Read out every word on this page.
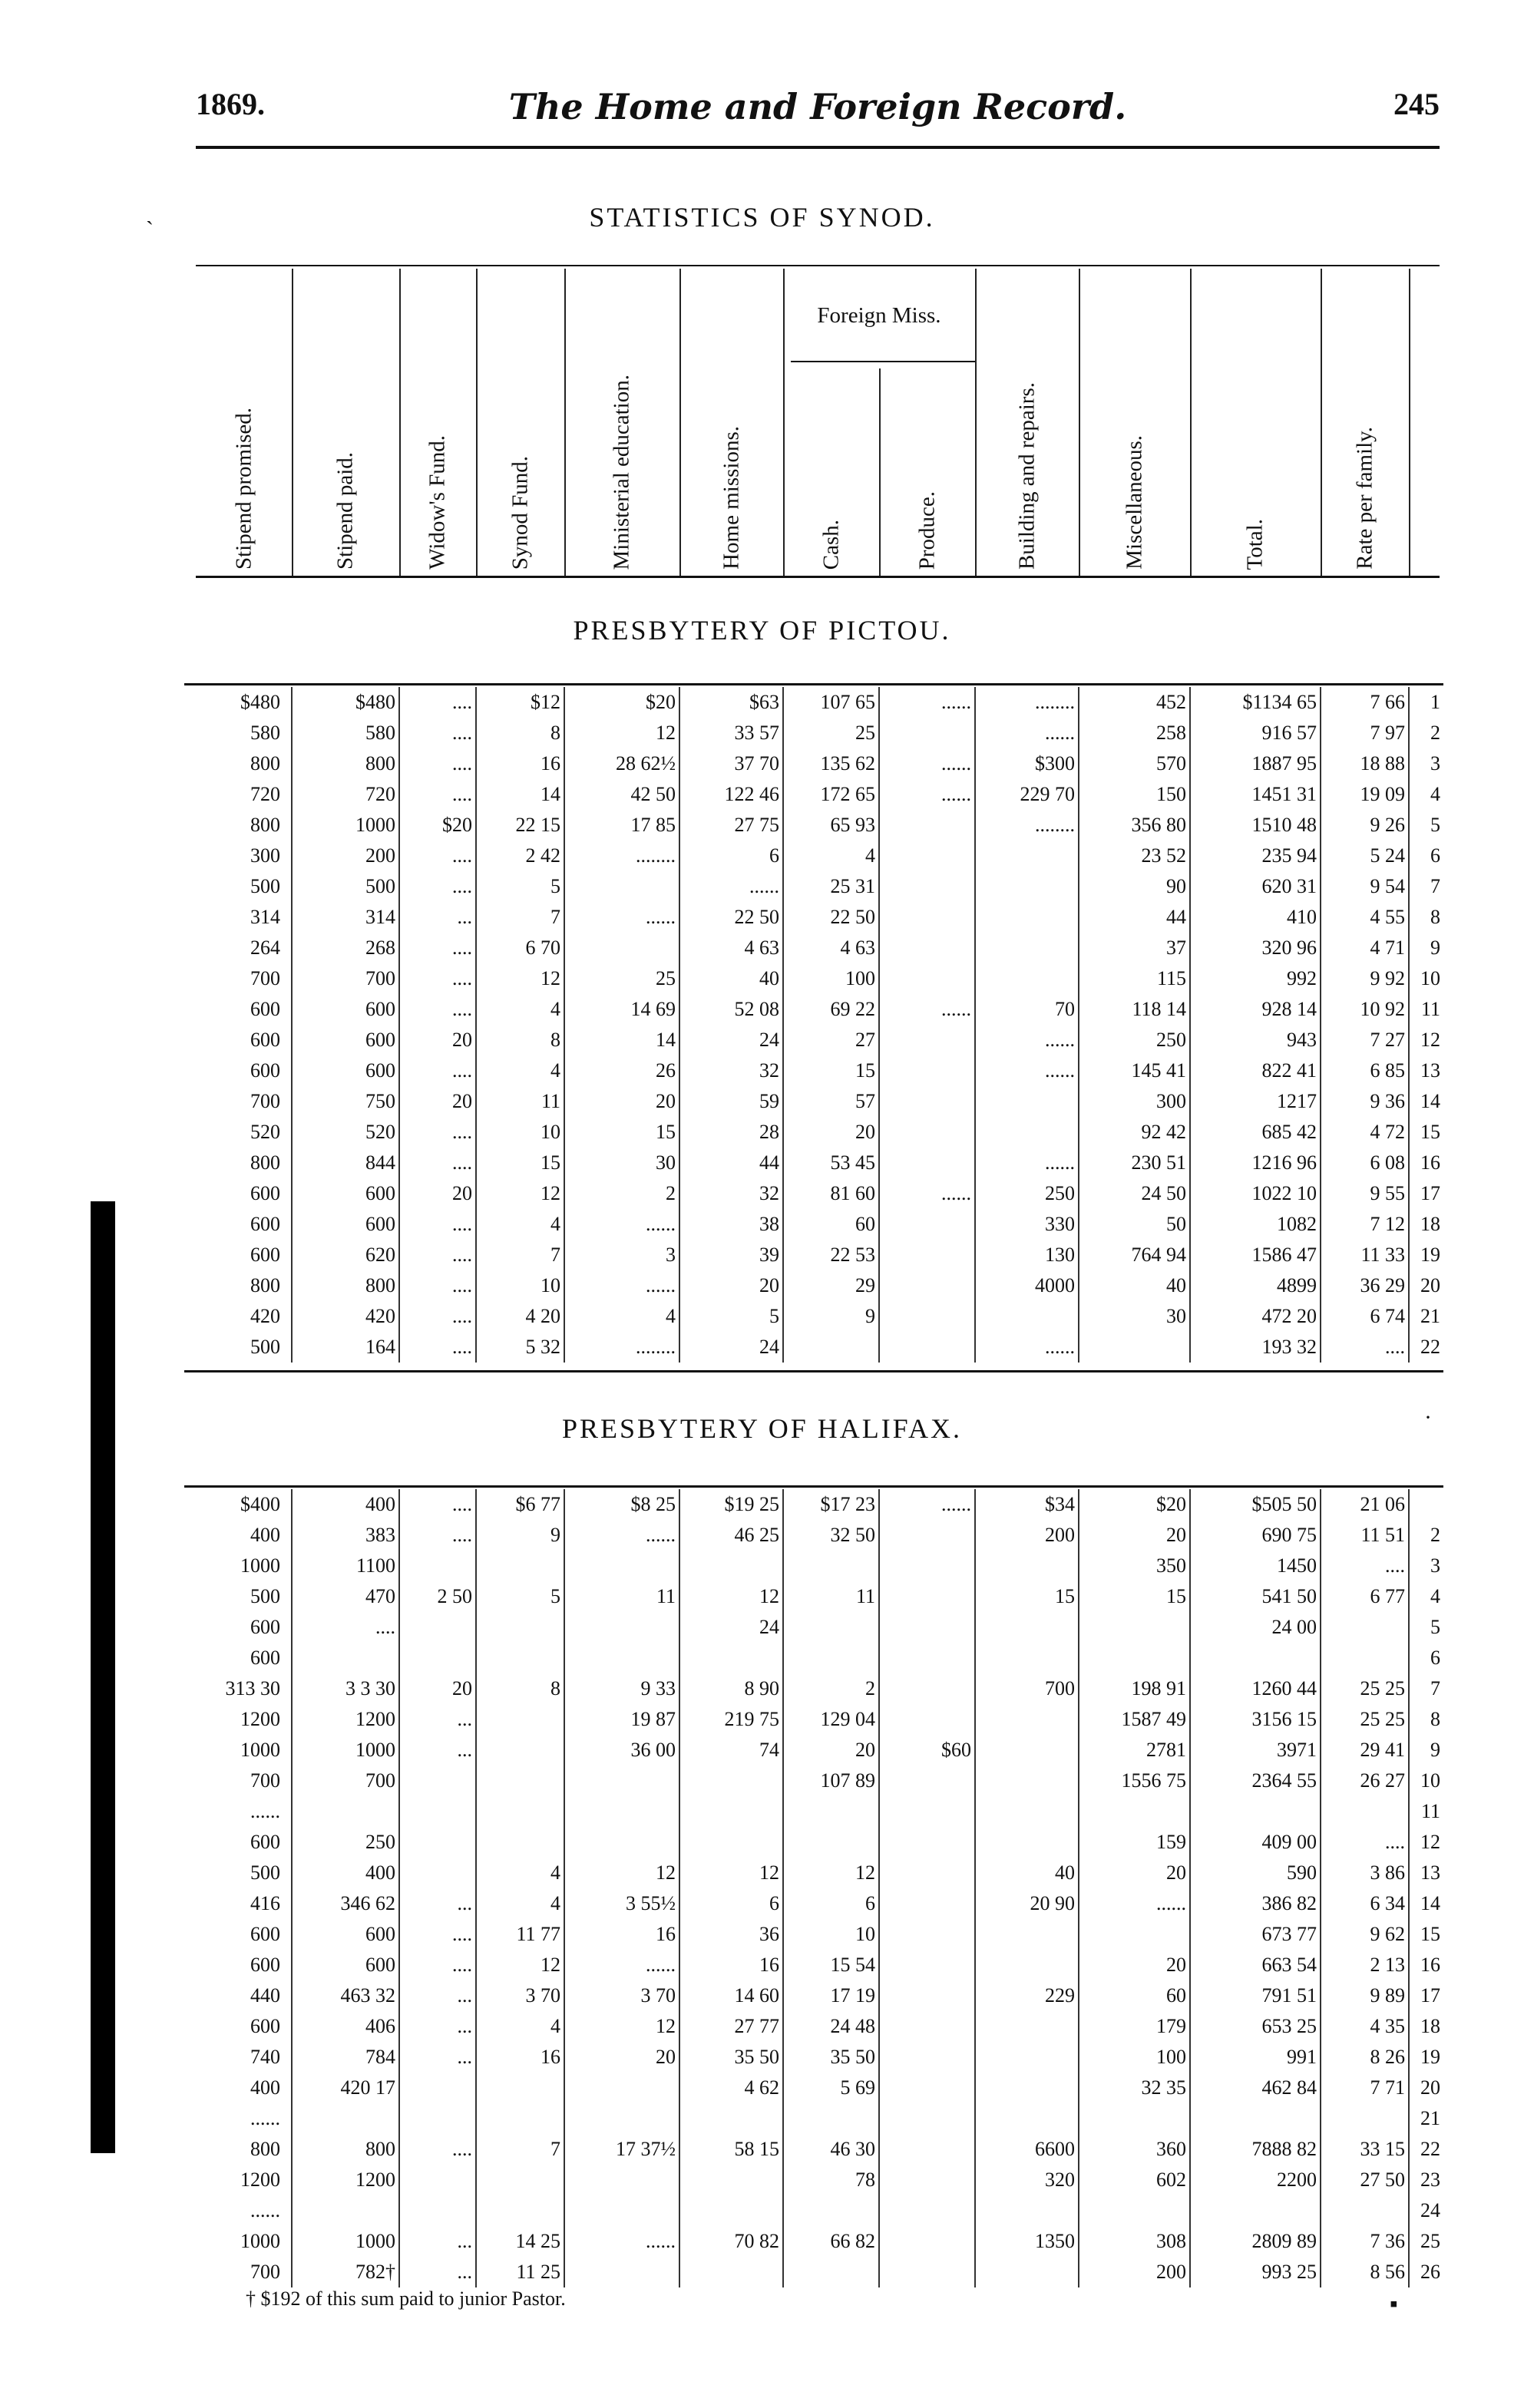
1869.	The Home and Foreign Record.	245
STATISTICS OF SYNOD.
Stipend promised.	Stipend paid.	Widow's Fund.	Synod Fund.	Ministerial education.	Home missions.
Foreign Miss.
Cash.	Produce.	Building and repairs.	Miscellaneous.	Total.	Rate per family.
PRESBYTERY OF PICTOU.
$480	$480	....	$12	$20	$63	107 65	......	........	452	$1134 65	7 66	1
580	580	....	8	12	33 57	25		......	258	916 57	7 97	2
800	800	....	16	28 62½	37 70	135 62	......	$300	570	1887 95	18 88	3
720	720	....	14	42 50	122 46	172 65	......	229 70	150	1451 31	19 09	4
800	1000	$20	22 15	17 85	27 75	65 93		........	356 80	1510 48	9 26	5
300	200	....	2 42	........	6	4			23 52	235 94	5 24	6
500	500	....	5		......	25 31			90	620 31	9 54	7
314	314	...	7	......	22 50	22 50			44	410	4 55	8
264	268	....	6 70		4 63	4 63			37	320 96	4 71	9
700	700	....	12	25	40	100			115	992	9 92	10
600	600	....	4	14 69	52 08	69 22	......	70	118 14	928 14	10 92	11
600	600	20	8	14	24	27		......	250	943	7 27	12
600	600	....	4	26	32	15		......	145 41	822 41	6 85	13
700	750	20	11	20	59	57			300	1217	9 36	14
520	520	....	10	15	28	20			92 42	685 42	4 72	15
800	844	....	15	30	44	53 45		......	230 51	1216 96	6 08	16
600	600	20	12	2	32	81 60	......	250	24 50	1022 10	9 55	17
600	600	....	4	......	38	60		330	50	1082	7 12	18
600	620	....	7	3	39	22 53		130	764 94	1586 47	11 33	19
800	800	....	10	......	20	29		4000	40	4899	36 29	20
420	420	....	4 20	4	5	9			30	472 20	6 74	21
500	164	....	5 32	........	24			......		193 32	....	22
PRESBYTERY OF HALIFAX.
$400	400	....	$6 77	$8 25	$19 25	$17 23	......	$34	$20	$505 50	21 06	
400	383	....	9	......	46 25	32 50		200	20	690 75	11 51	2
1000	1100								350	1450	....	3
500	470	2 50	5	11	12	11		15	15	541 50	6 77	4
600	....				24					24 00		5
600												6
313 30	3 3 30	20	8	9 33	8 90	2		700	198 91	1260 44	25 25	7
1200	1200	...		19 87	219 75	129 04			1587 49	3156 15	25 25	8
1000	1000	...		36 00	74	20	$60		2781	3971	29 41	9
700	700					107 89			1556 75	2364 55	26 27	10
......												11
600	250								159	409 00	....	12
500	400		4	12	12	12		40	20	590	3 86	13
416	346 62	...	4	3 55½	6	6		20 90	......	386 82	6 34	14
600	600	....	11 77	16	36	10				673 77	9 62	15
600	600	....	12	......	16	15 54			20	663 54	2 13	16
440	463 32	...	3 70	3 70	14 60	17 19		229	60	791 51	9 89	17
600	406	...	4	12	27 77	24 48			179	653 25	4 35	18
740	784	...	16	20	35 50	35 50			100	991	8 26	19
400	420 17				4 62	5 69			32 35	462 84	7 71	20
......												21
800	800	....	7	17 37½	58 15	46 30		6600	360	7888 82	33 15	22
1200	1200					78		320	602	2200	27 50	23
......												24
1000	1000	...	14 25	......	70 82	66 82		1350	308	2809 89	7 36	25
700	782†	...	11 25						200	993 25	8 56	26
† $192 of this sum paid to junior Pastor.
ˏ
·
▪
